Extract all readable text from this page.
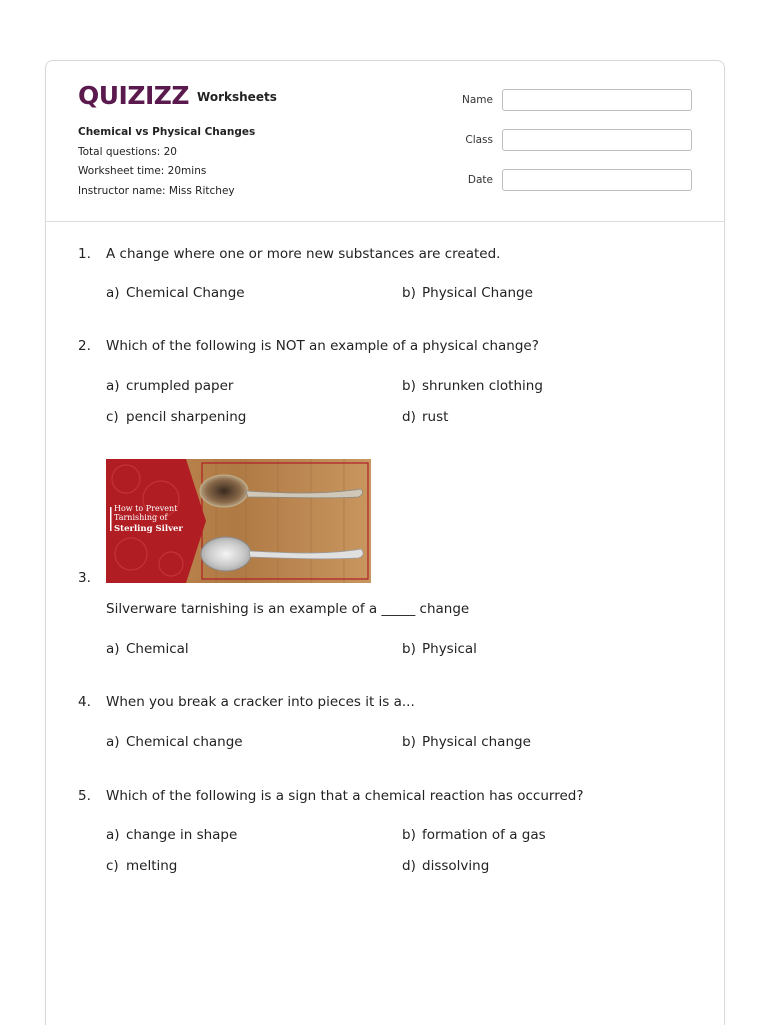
QUIZIZZ Worksheets
Chemical vs Physical Changes
Total questions: 20
Worksheet time: 20mins
Instructor name: Miss Ritchey
Name
Class
Date
1.	A change where one or more new substances are created.
a) Chemical Change	b) Physical Change
2.	Which of the following is NOT an example of a physical change?
a) crumpled paper	b) shrunken clothing
c) pencil sharpening	d) rust
How to Prevent
Tarnishing of
Sterling Silver
3.
Silverware tarnishing is an example of a _____ change
a) Chemical	b) Physical
4.	When you break a cracker into pieces it is a...
a) Chemical change	b) Physical change
5.	Which of the following is a sign that a chemical reaction has occurred?
a) change in shape	b) formation of a gas
c) melting	d) dissolving
